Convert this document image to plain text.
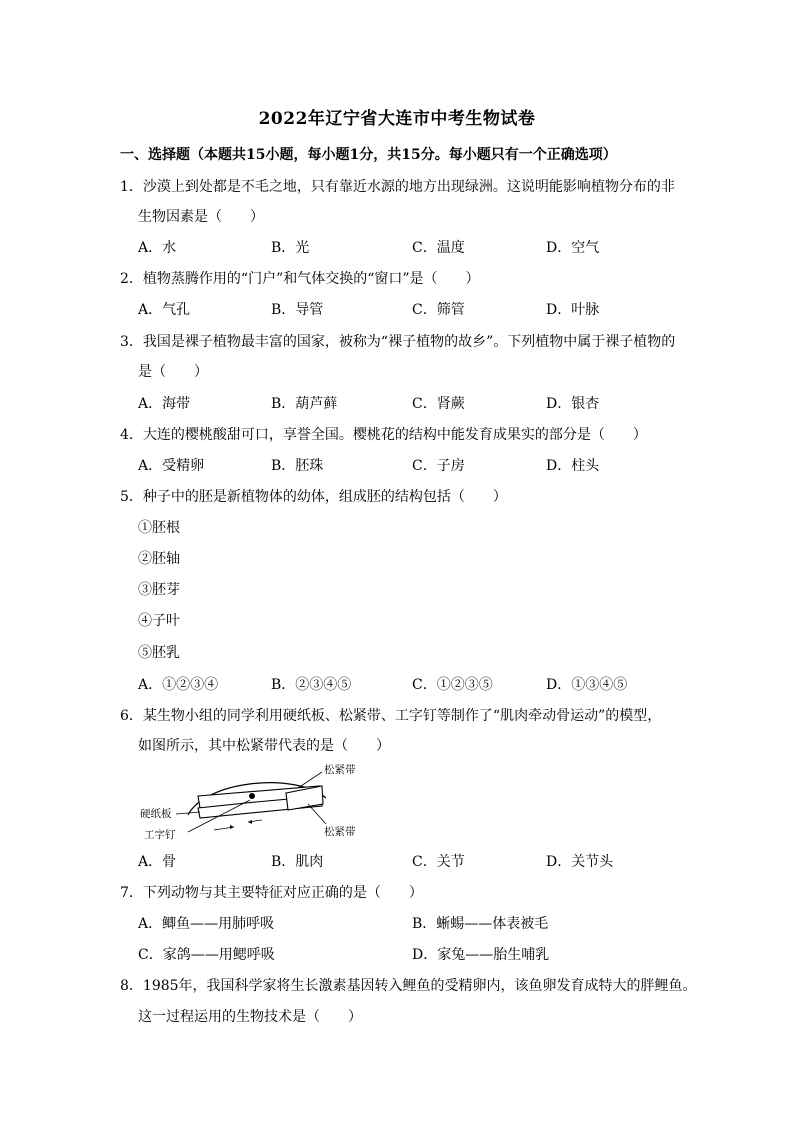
2022年辽宁省大连市中考生物试卷
一、选择题（本题共15小题，每小题1分，共15分。每小题只有一个正确选项）
1．沙漠上到处都是不毛之地，只有靠近水源的地方出现绿洲。这说明能影响植物分布的非
生物因素是（　　）
A．水	B．光	C．温度	D．空气
2．植物蒸腾作用的“门户”和气体交换的“窗口”是（　　）
A．气孔	B．导管	C．筛管	D．叶脉
3．我国是裸子植物最丰富的国家，被称为“裸子植物的故乡”。下列植物中属于裸子植物的
是（　　）
A．海带	B．葫芦藓	C．肾蕨	D．银杏
4．大连的樱桃酸甜可口，享誉全国。樱桃花的结构中能发育成果实的部分是（　　）
A．受精卵	B．胚珠	C．子房	D．柱头
5．种子中的胚是新植物体的幼体，组成胚的结构包括（　　）
①胚根
②胚轴
③胚芽
④子叶
⑤胚乳
A．①②③④	B．②③④⑤	C．①②③⑤	D．①③④⑤
6．某生物小组的同学利用硬纸板、松紧带、工字钉等制作了“肌肉牵动骨运动”的模型，
如图所示，其中松紧带代表的是（　　）
松紧带
硬纸板
工字钉	松紧带
A．骨	B．肌肉	C．关节	D．关节头
7．下列动物与其主要特征对应正确的是（　　）
A．鲫鱼——用肺呼吸	B．蜥蜴——体表被毛
C．家鸽——用鳃呼吸	D．家兔——胎生哺乳
8．1985年，我国科学家将生长激素基因转入鲤鱼的受精卵内，该鱼卵发育成特大的胖鲤鱼。
这一过程运用的生物技术是（　　）
